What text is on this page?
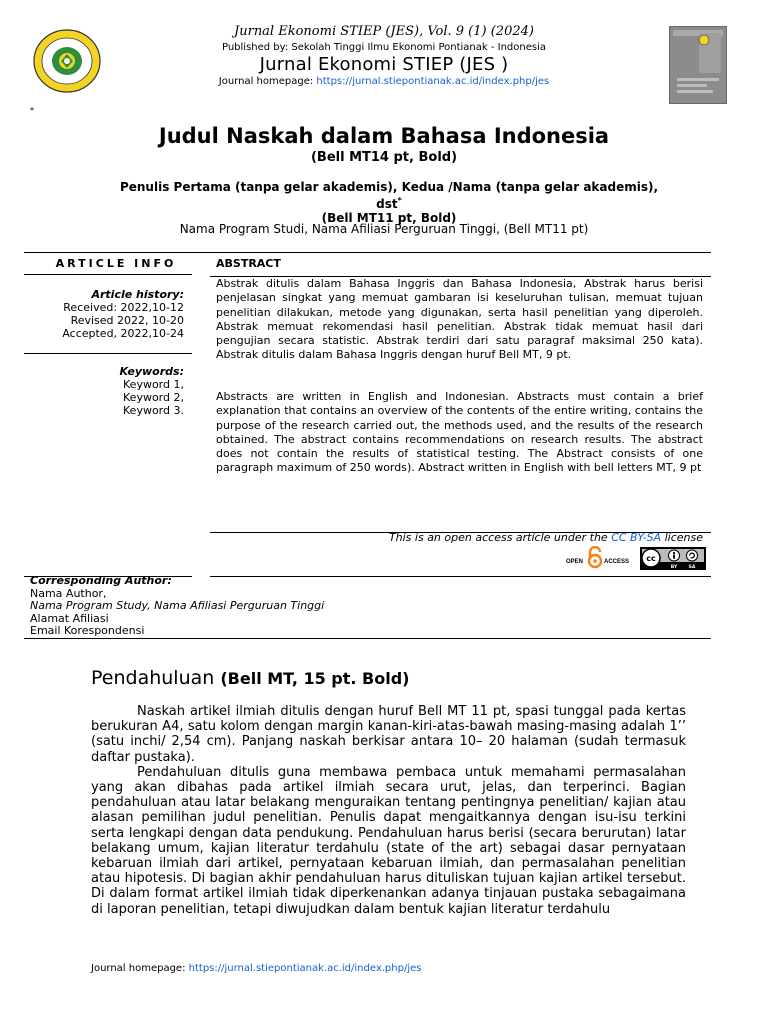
Jurnal Ekonomi STIEP (JES), Vol. 9 (1) (2024)
Published by: Sekolah Tinggi Ilmu Ekonomi Pontianak - Indonesia
Jurnal Ekonomi STIEP (JES )
Journal homepage: https://jurnal.stiepontianak.ac.id/index.php/jes
*
Judul Naskah dalam Bahasa Indonesia
(Bell MT14 pt, Bold)
Penulis Pertama (tanpa gelar akademis), Kedua /Nama (tanpa gelar akademis),
dst*
(Bell MT11 pt, Bold)
Nama Program Studi, Nama Afiliasi Perguruan Tinggi, (Bell MT11 pt)
ARTICLE INFO	ABSTRACT
Article history:
Received: 2022,10-12
Revised 2022, 10-20
Accepted, 2022,10-24
Keywords:
Keyword 1,
Keyword 2,
Keyword 3.

Abstrak ditulis dalam Bahasa Inggris dan Bahasa Indonesia, Abstrak harus berisi penjelasan singkat yang memuat gambaran isi keseluruhan tulisan, memuat tujuan penelitian dilakukan, metode yang digunakan, serta hasil penelitian yang diperoleh. Abstrak memuat rekomendasi hasil penelitian. Abstrak tidak memuat hasil dari pengujian secara statistic. Abstrak terdiri dari satu paragraf maksimal 250 kata). Abstrak ditulis dalam Bahasa Inggris dengan huruf Bell MT, 9 pt.

Abstracts are written in English and Indonesian. Abstracts must contain a brief explanation that contains an overview of the contents of the entire writing, contains the purpose of the research carried out, the methods used, and the results of the research obtained. The abstract contains recommendations on research results. The abstract does not contain the results of statistical testing. The Abstract consists of one paragraph maximum of 250 words). Abstract written in English with bell letters MT, 9 pt

This is an open access article under the CC BY-SA license
OPEN	ACCESS cc
BY	SA
Corresponding Author:
Nama Author,
Nama Program Study, Nama Afiliasi Perguruan Tinggi
Alamat Afiliasi
Email Korespondensi
Pendahuluan (Bell MT, 15 pt. Bold)

Naskah artikel ilmiah ditulis dengan huruf Bell MT 11 pt, spasi tunggal pada kertas berukuran A4, satu kolom dengan margin kanan-kiri-atas-bawah masing-masing adalah 1’’ (satu inchi/ 2,54 cm). Panjang naskah berkisar antara 10– 20 halaman (sudah termasuk daftar pustaka).

Pendahuluan ditulis guna membawa pembaca untuk memahami permasalahan yang akan dibahas pada artikel ilmiah secara urut, jelas, dan terperinci. Bagian pendahuluan atau latar belakang menguraikan tentang pentingnya penelitian/ kajian atau alasan pemilihan judul penelitian. Penulis dapat mengaitkannya dengan isu-isu terkini serta lengkapi dengan data pendukung. Pendahuluan harus berisi (secara berurutan) latar belakang umum, kajian literatur terdahulu (state of the art) sebagai dasar pernyataan kebaruan ilmiah dari artikel, pernyataan kebaruan ilmiah, dan permasalahan penelitian atau hipotesis. Di bagian akhir pendahuluan harus dituliskan tujuan kajian artikel tersebut. Di dalam format artikel ilmiah tidak diperkenankan adanya tinjauan pustaka sebagaimana di laporan penelitian, tetapi diwujudkan dalam bentuk kajian literatur terdahulu

Journal homepage: https://jurnal.stiepontianak.ac.id/index.php/jes
